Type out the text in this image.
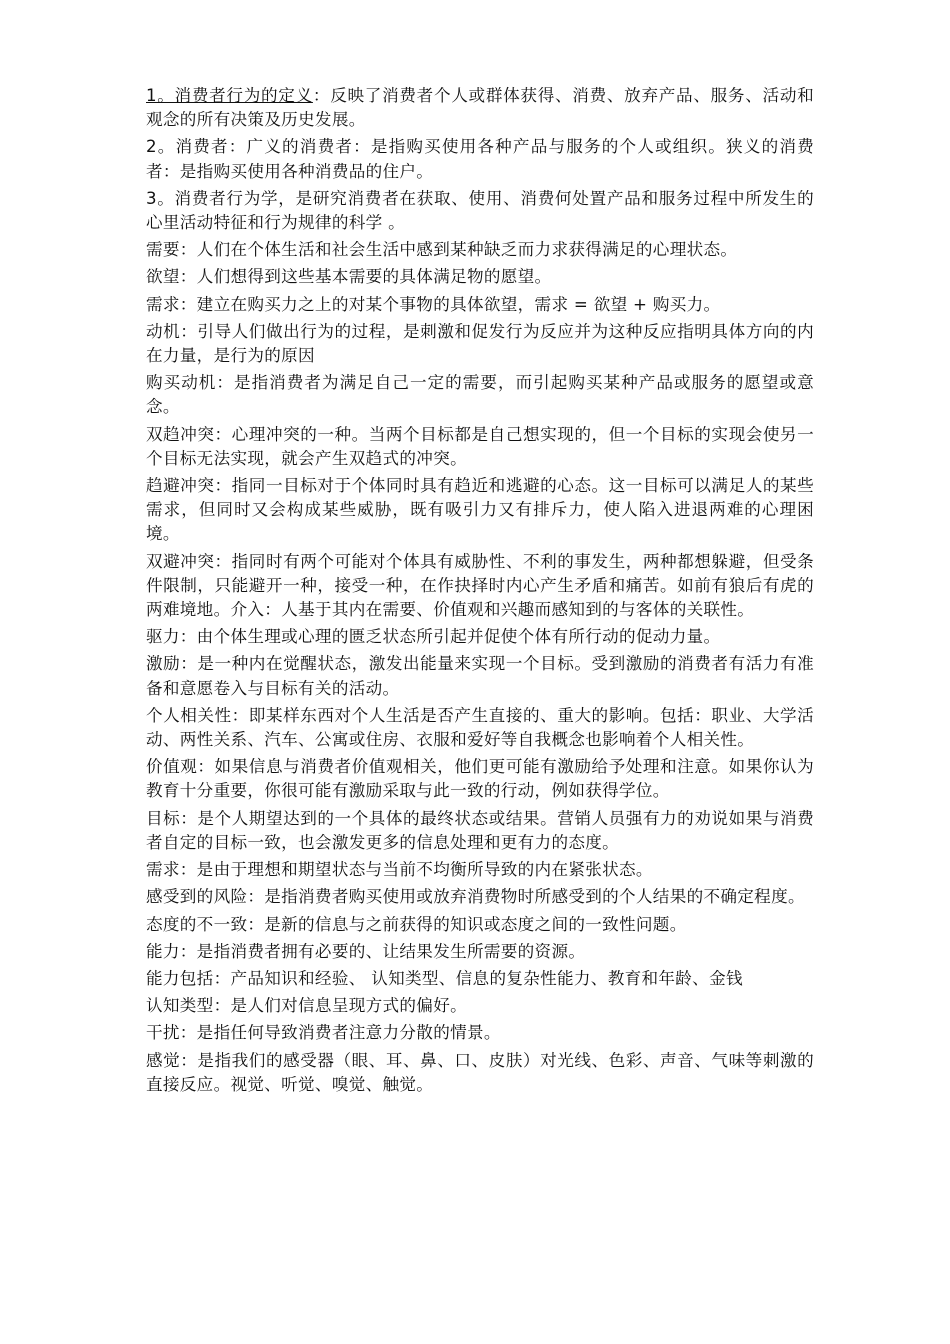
1。消费者行为的定义：反映了消费者个人或群体获得、消费、放弃产品、服务、活动和观念的所有决策及历史发展。

2。消费者：广义的消费者：是指购买使用各种产品与服务的个人或组织。狭义的消费者：是指购买使用各种消费品的住户。

3。消费者行为学，是研究消费者在获取、使用、消费何处置产品和服务过程中所发生的心里活动特征和行为规律的科学 。

需要：人们在个体生活和社会生活中感到某种缺乏而力求获得满足的心理状态。

欲望：人们想得到这些基本需要的具体满足物的愿望。

需求：建立在购买力之上的对某个事物的具体欲望，需求 = 欲望 + 购买力。

动机：引导人们做出行为的过程，是刺激和促发行为反应并为这种反应指明具体方向的内在力量，是行为的原因

购买动机：是指消费者为满足自己一定的需要，而引起购买某种产品或服务的愿望或意念。

双趋冲突：心理冲突的一种。当两个目标都是自己想实现的，但一个目标的实现会使另一个目标无法实现，就会产生双趋式的冲突。

趋避冲突：指同一目标对于个体同时具有趋近和逃避的心态。这一目标可以满足人的某些需求，但同时又会构成某些威胁，既有吸引力又有排斥力，使人陷入进退两难的心理困境。

双避冲突：指同时有两个可能对个体具有威胁性、不利的事发生，两种都想躲避，但受条件限制，只能避开一种，接受一种，在作抉择时内心产生矛盾和痛苦。如前有狼后有虎的两难境地。介入：人基于其内在需要、价值观和兴趣而感知到的与客体的关联性。

驱力：由个体生理或心理的匮乏状态所引起并促使个体有所行动的促动力量。

激励：是一种内在觉醒状态，激发出能量来实现一个目标。受到激励的消费者有活力有准备和意愿卷入与目标有关的活动。

个人相关性：即某样东西对个人生活是否产生直接的、重大的影响。包括：职业、大学活动、两性关系、汽车、公寓或住房、衣服和爱好等自我概念也影响着个人相关性。

价值观：如果信息与消费者价值观相关，他们更可能有激励给予处理和注意。如果你认为教育十分重要，你很可能有激励采取与此一致的行动，例如获得学位。

目标：是个人期望达到的一个具体的最终状态或结果。营销人员强有力的劝说如果与消费者自定的目标一致，也会激发更多的信息处理和更有力的态度。

需求：是由于理想和期望状态与当前不均衡所导致的内在紧张状态。

感受到的风险：是指消费者购买使用或放弃消费物时所感受到的个人结果的不确定程度。

态度的不一致：是新的信息与之前获得的知识或态度之间的一致性问题。

能力：是指消费者拥有必要的、让结果发生所需要的资源。

能力包括：产品知识和经验、 认知类型、信息的复杂性能力、教育和年龄、金钱

认知类型：是人们对信息呈现方式的偏好。

干扰：是指任何导致消费者注意力分散的情景。

感觉：是指我们的感受器（眼、耳、鼻、口、皮肤）对光线、色彩、声音、气味等刺激的直接反应。视觉、听觉、嗅觉、触觉。
